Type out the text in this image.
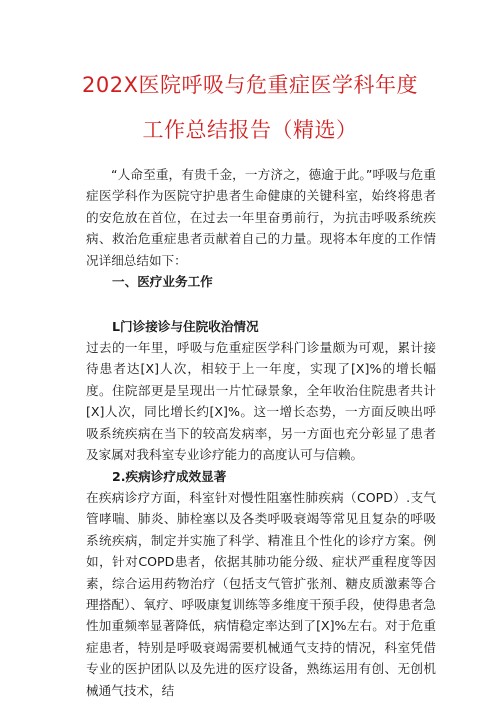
202X医院呼吸与危重症医学科年度
工作总结报告（精选）

“人命至重，有贵千金，一方济之，德逾于此。”呼吸与危重症医学科作为医院守护患者生命健康的关键科室，始终将患者的安危放在首位，在过去一年里奋勇前行，为抗击呼吸系统疾病、救治危重症患者贡献着自己的力量。现将本年度的工作情况详细总结如下：

一、医疗业务工作

L门诊接诊与住院收治情况

过去的一年里，呼吸与危重症医学科门诊量颇为可观，累计接待患者达[X]人次，相较于上一年度，实现了[X]%的增长幅度。住院部更是呈现出一片忙碌景象，全年收治住院患者共计[X]人次，同比增长约[X]%。这一增长态势，一方面反映出呼吸系统疾病在当下的较高发病率，另一方面也充分彰显了患者及家属对我科室专业诊疗能力的高度认可与信赖。

2.疾病诊疗成效显著

在疾病诊疗方面，科室针对慢性阻塞性肺疾病（COPD）.支气管哮喘、肺炎、肺栓塞以及各类呼吸衰竭等常见且复杂的呼吸系统疾病，制定并实施了科学、精准且个性化的诊疗方案。例如，针对COPD患者，依据其肺功能分级、症状严重程度等因素，综合运用药物治疗（包括支气管扩张剂、糖皮质激素等合理搭配）、氧疗、呼吸康复训练等多维度干预手段，使得患者急性加重频率显著降低，病情稳定率达到了[X]%左右。对于危重症患者，特别是呼吸衰竭需要机械通气支持的情况，科室凭借专业的医护团队以及先进的医疗设备，熟练运用有创、无创机械通气技术，结
